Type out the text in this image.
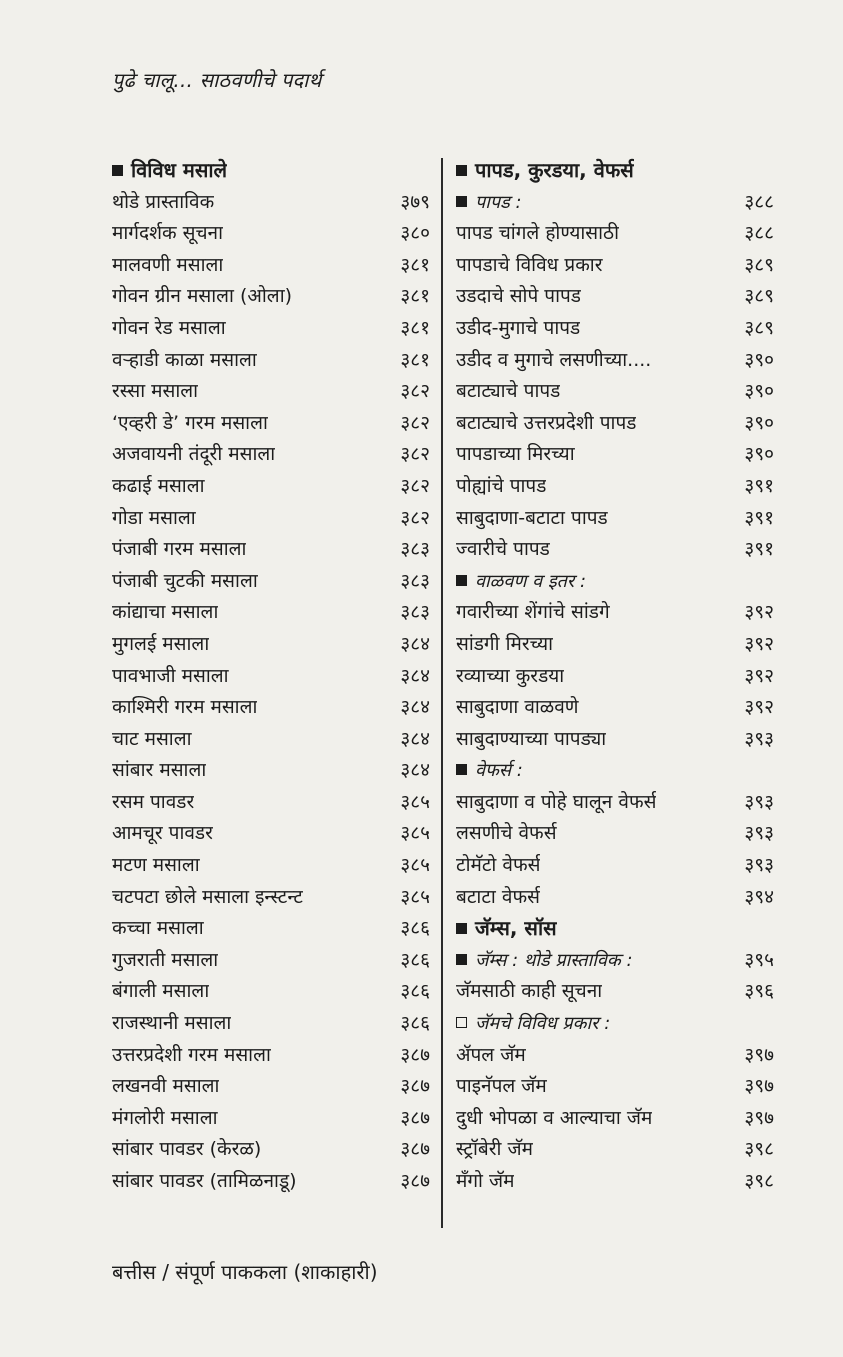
पुढे चालू... साठवणीचे पदार्थ
विविध मसाले
थोडे प्रास्ताविक	३७९
मार्गदर्शक सूचना	३८०
मालवणी मसाला	३८१
गोवन ग्रीन मसाला (ओला)	३८१
गोवन रेड मसाला	३८१
वऱ्हाडी काळा मसाला	३८१
रस्सा मसाला	३८२
‘एव्हरी डे’ गरम मसाला	३८२
अजवायनी तंदूरी मसाला	३८२
कढाई मसाला	३८२
गोडा मसाला	३८२
पंजाबी गरम मसाला	३८३
पंजाबी चुटकी मसाला	३८३
कांद्याचा मसाला	३८३
मुगलई मसाला	३८४
पावभाजी मसाला	३८४
काश्मिरी गरम मसाला	३८४
चाट मसाला	३८४
सांबार मसाला	३८४
रसम पावडर	३८५
आमचूर पावडर	३८५
मटण मसाला	३८५
चटपटा छोले मसाला इन्स्टन्ट	३८५
कच्चा मसाला	३८६
गुजराती मसाला	३८६
बंगाली मसाला	३८६
राजस्थानी मसाला	३८६
उत्तरप्रदेशी गरम मसाला	३८७
लखनवी मसाला	३८७
मंगलोरी मसाला	३८७
सांबार पावडर (केरळ)	३८७
सांबार पावडर (तामिळनाडू)	३८७
पापड, कुरडया, वेफर्स
पापड :	३८८
पापड चांगले होण्यासाठी	३८८
पापडाचे विविध प्रकार	३८९
उडदाचे सोपे पापड	३८९
उडीद-मुगाचे पापड	३८९
उडीद व मुगाचे लसणीच्या....	३९०
बटाट्याचे पापड	३९०
बटाट्याचे उत्तरप्रदेशी पापड	३९०
पापडाच्या मिरच्या	३९०
पोह्यांचे पापड	३९१
साबुदाणा-बटाटा पापड	३९१
ज्वारीचे पापड	३९१
वाळवण व इतर :
गवारीच्या शेंगांचे सांडगे	३९२
सांडगी मिरच्या	३९२
रव्याच्या कुरडया	३९२
साबुदाणा वाळवणे	३९२
साबुदाण्याच्या पापड्या	३९३
वेफर्स :
साबुदाणा व पोहे घालून वेफर्स	३९३
लसणीचे वेफर्स	३९३
टोमॅटो वेफर्स	३९३
बटाटा वेफर्स	३९४
जॅम्स, सॉस
जॅम्स : थोडे प्रास्ताविक :	३९५
जॅमसाठी काही सूचना	३९६
जॅमचे विविध प्रकार :
ॲपल जॅम	३९७
पाइनॅपल जॅम	३९७
दुधी भोपळा व आल्याचा जॅम	३९७
स्ट्रॉबेरी जॅम	३९८
मँगो जॅम	३९८
बत्तीस / संपूर्ण पाककला (शाकाहारी)
